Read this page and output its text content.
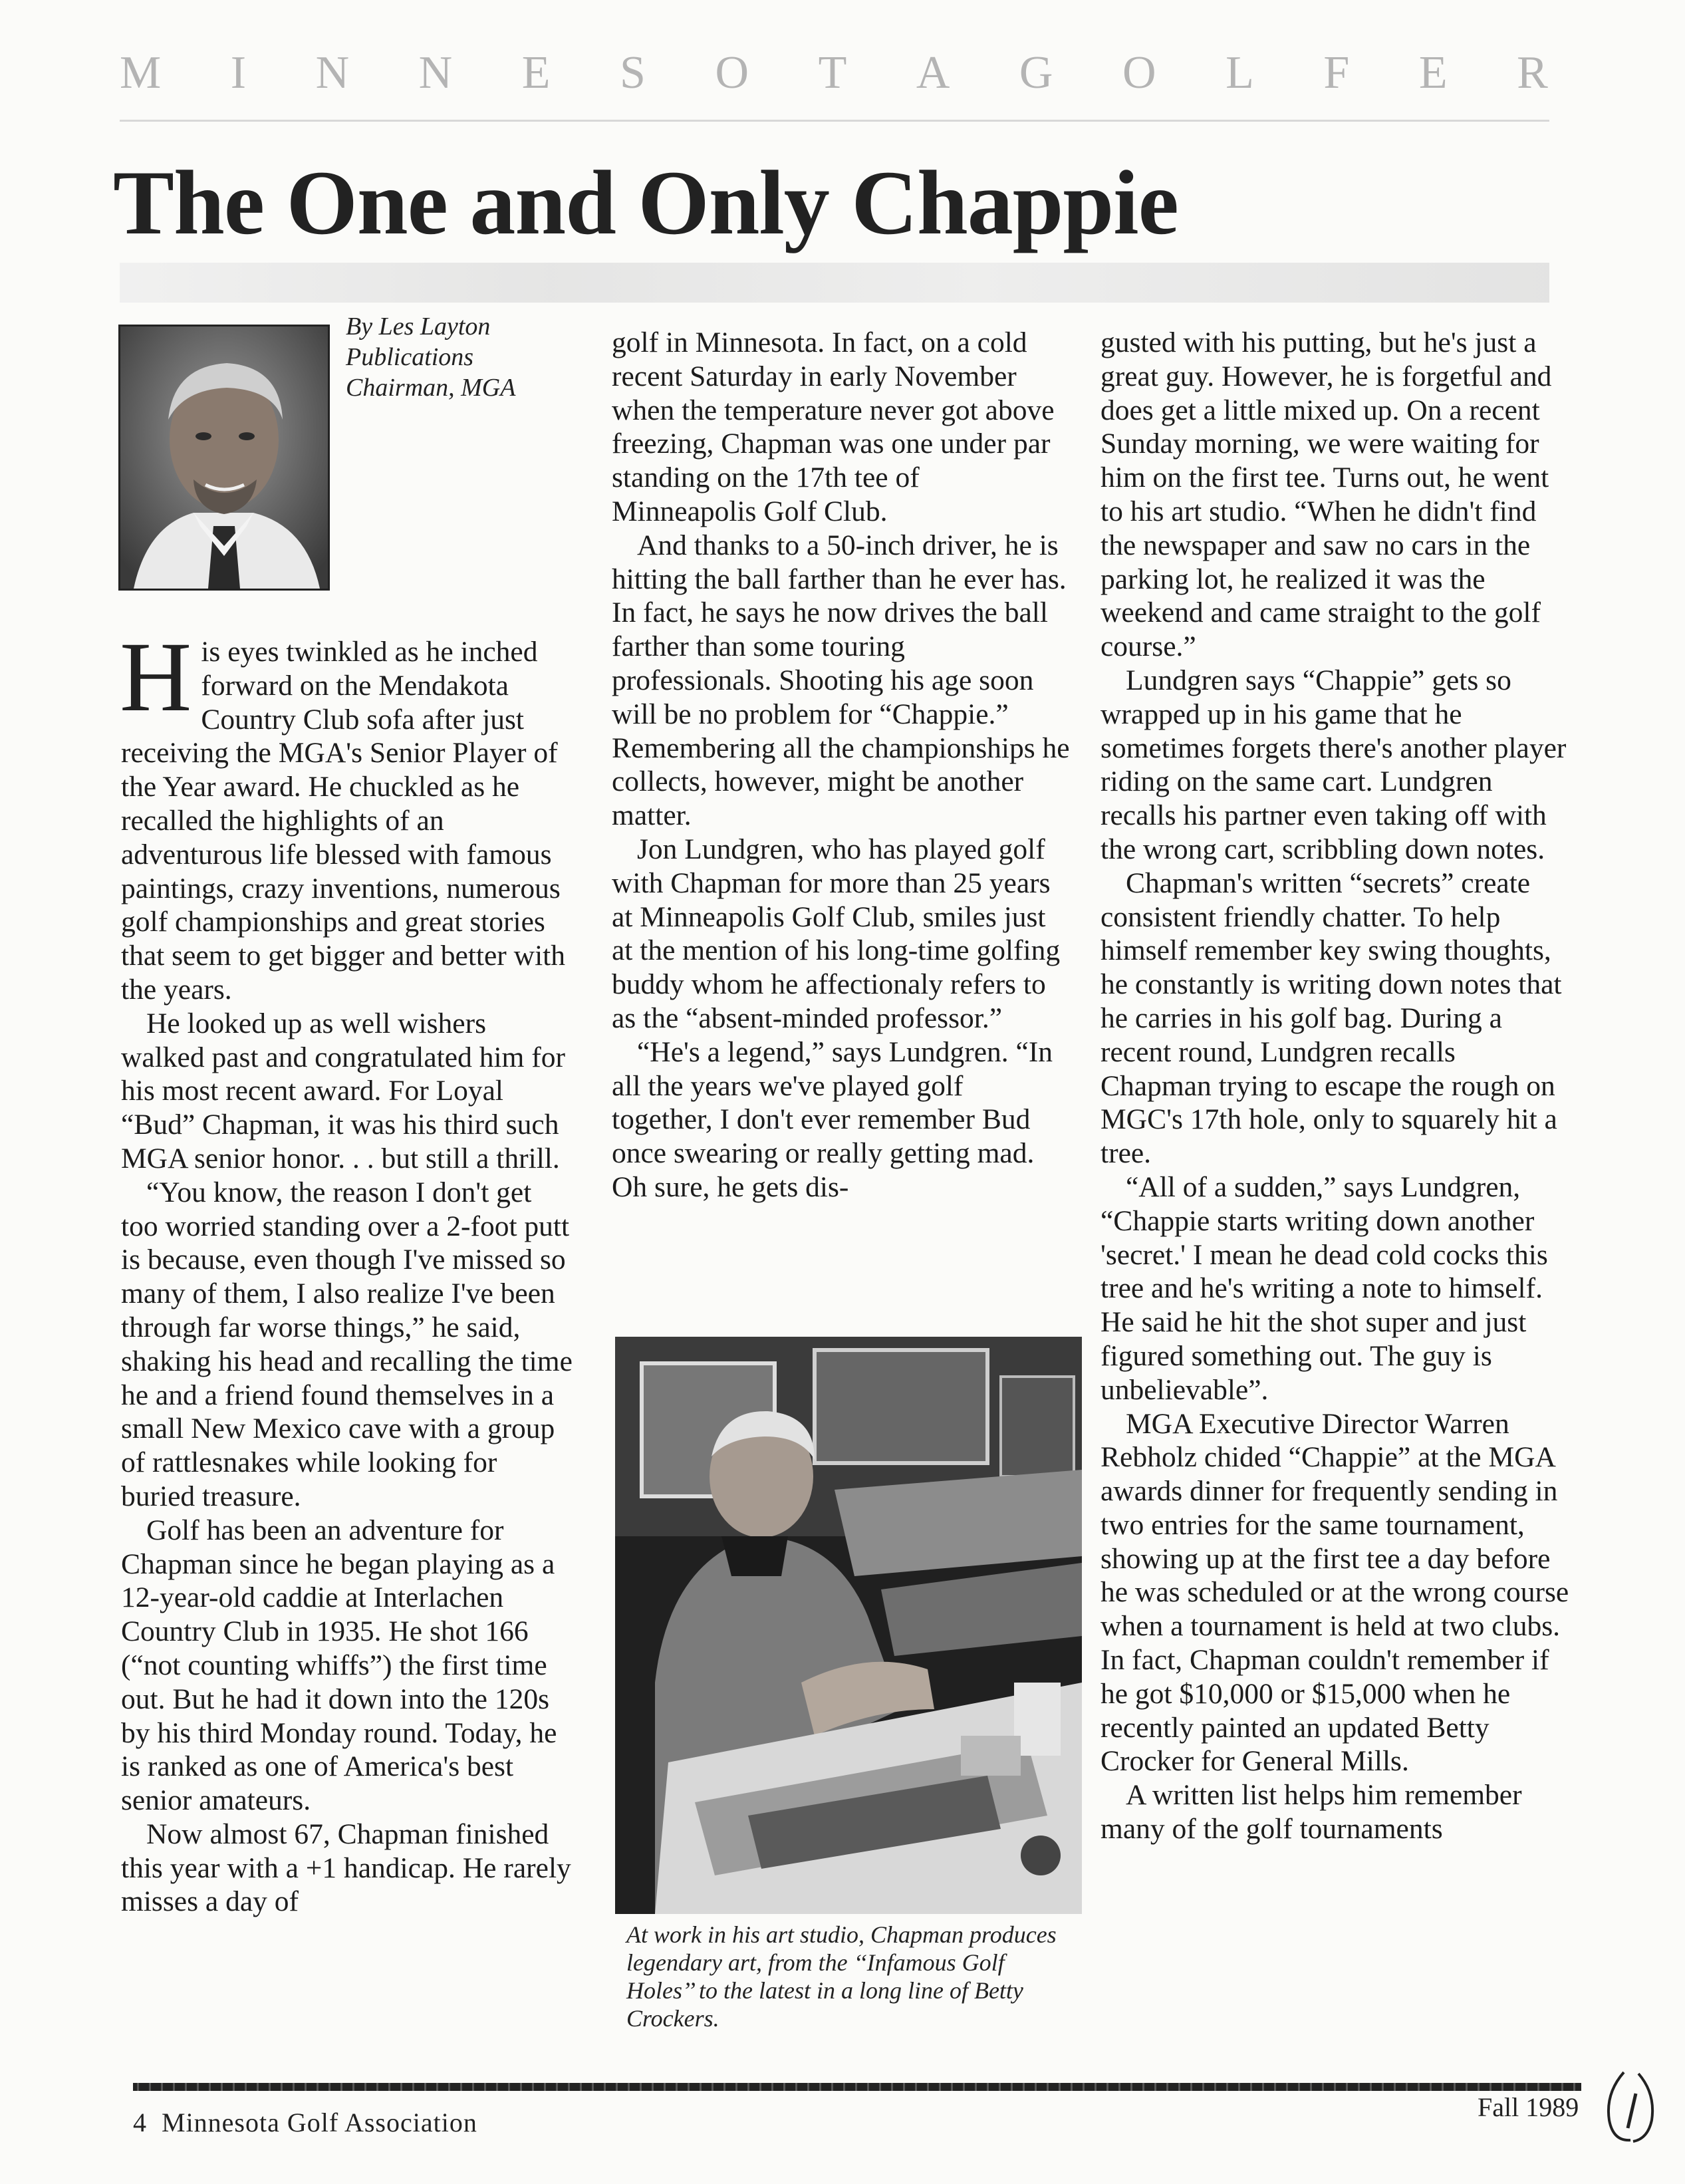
M I N N E S O T A G O L F E R
The One and Only Chappie
By Les Layton
Publications
Chairman, MGA
H is eyes twinkled as he inched forward on the Mendakota Country Club sofa after just receiving the MGA's Senior Player of the Year award. He chuckled as he recalled the highlights of an adventurous life blessed with famous paintings, crazy inventions, numerous golf championships and great stories that seem to get bigger and better with the years.

He looked up as well wishers walked past and congratulated him for his most recent award. For Loyal “Bud” Chapman, it was his third such MGA senior honor. . . but still a thrill.

“You know, the reason I don't get too worried standing over a 2-foot putt is because, even though I've missed so many of them, I also realize I've been through far worse things,” he said, shaking his head and recalling the time he and a friend found themselves in a small New Mexico cave with a group of rattlesnakes while looking for buried treasure.

Golf has been an adventure for Chapman since he began playing as a 12-year-old caddie at Interlachen Country Club in 1935. He shot 166 (“not counting whiffs”) the first time out. But he had it down into the 120s by his third Monday round. Today, he is ranked as one of America's best senior amateurs.

Now almost 67, Chapman finished this year with a +1 handicap. He rarely misses a day of

golf in Minnesota. In fact, on a cold recent Saturday in early November when the temperature never got above freezing, Chapman was one under par standing on the 17th tee of Minneapolis Golf Club.

And thanks to a 50-inch driver, he is hitting the ball farther than he ever has. In fact, he says he now drives the ball farther than some touring professionals. Shooting his age soon will be no problem for “Chappie.” Remembering all the championships he collects, however, might be another matter.

Jon Lundgren, who has played golf with Chapman for more than 25 years at Minneapolis Golf Club, smiles just at the mention of his long-time golfing buddy whom he affectionaly refers to as the “absent-minded professor.”

“He's a legend,” says Lundgren. “In all the years we've played golf together, I don't ever remember Bud once swearing or really getting mad. Oh sure, he gets dis-

At work in his art studio, Chapman produces legendary art, from the ‘‘Infamous Golf Holes’’ to the latest in a long line of Betty Crockers.

gusted with his putting, but he's just a great guy. However, he is forgetful and does get a little mixed up. On a recent Sunday morning, we were waiting for him on the first tee. Turns out, he went to his art studio. “When he didn't find the newspaper and saw no cars in the parking lot, he realized it was the weekend and came straight to the golf course.”

Lundgren says “Chappie” gets so wrapped up in his game that he sometimes forgets there's another player riding on the same cart. Lundgren recalls his partner even taking off with the wrong cart, scribbling down notes.

Chapman's written “secrets” create consistent friendly chatter. To help himself remember key swing thoughts, he constantly is writing down notes that he carries in his golf bag. During a recent round, Lundgren recalls Chapman trying to escape the rough on MGC's 17th hole, only to squarely hit a tree.

“All of a sudden,” says Lundgren, “Chappie starts writing down another 'secret.' I mean he dead cold cocks this tree and he's writing a note to himself. He said he hit the shot super and just figured something out. The guy is unbelievable”.

MGA Executive Director Warren Rebholz chided “Chappie” at the MGA awards dinner for frequently sending in two entries for the same tournament, showing up at the first tee a day before he was scheduled or at the wrong course when a tournament is held at two clubs. In fact, Chapman couldn't remember if he got $10,000 or $15,000 when he recently painted an updated Betty Crocker for General Mills.

A written list helps him remember many of the golf tournaments

4 Minnesota Golf Association
Fall 1989
